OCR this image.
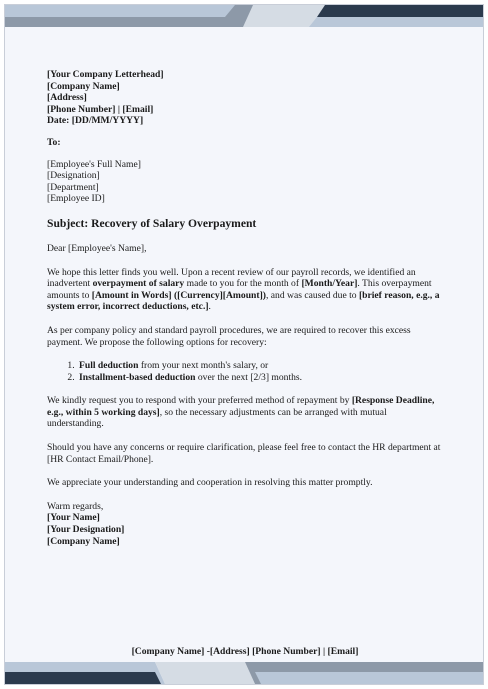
[Your Company Letterhead]
[Company Name]
[Address]
[Phone Number] | [Email]
Date: [DD/MM/YYYY]
To:
[Employee's Full Name]
[Designation]
[Department]
[Employee ID]

Subject: Recovery of Salary Overpayment

Dear [Employee's Name],

We hope this letter finds you well. Upon a recent review of our payroll records, we identified an inadvertent overpayment of salary made to you for the month of [Month/Year]. This overpayment amounts to [Amount in Words] ([Currency][Amount]), and was caused due to [brief reason, e.g., a system error, incorrect deductions, etc.].

As per company policy and standard payroll procedures, we are required to recover this excess payment. We propose the following options for recovery:

1. Full deduction from your next month's salary, or
2. Installment-based deduction over the next [2/3] months.

We kindly request you to respond with your preferred method of repayment by [Response Deadline, e.g., within 5 working days], so the necessary adjustments can be arranged with mutual understanding.

Should you have any concerns or require clarification, please feel free to contact the HR department at [HR Contact Email/Phone].

We appreciate your understanding and cooperation in resolving this matter promptly.

Warm regards,
[Your Name]
[Your Designation]
[Company Name]
[Company Name] -[Address] [Phone Number] | [Email]
